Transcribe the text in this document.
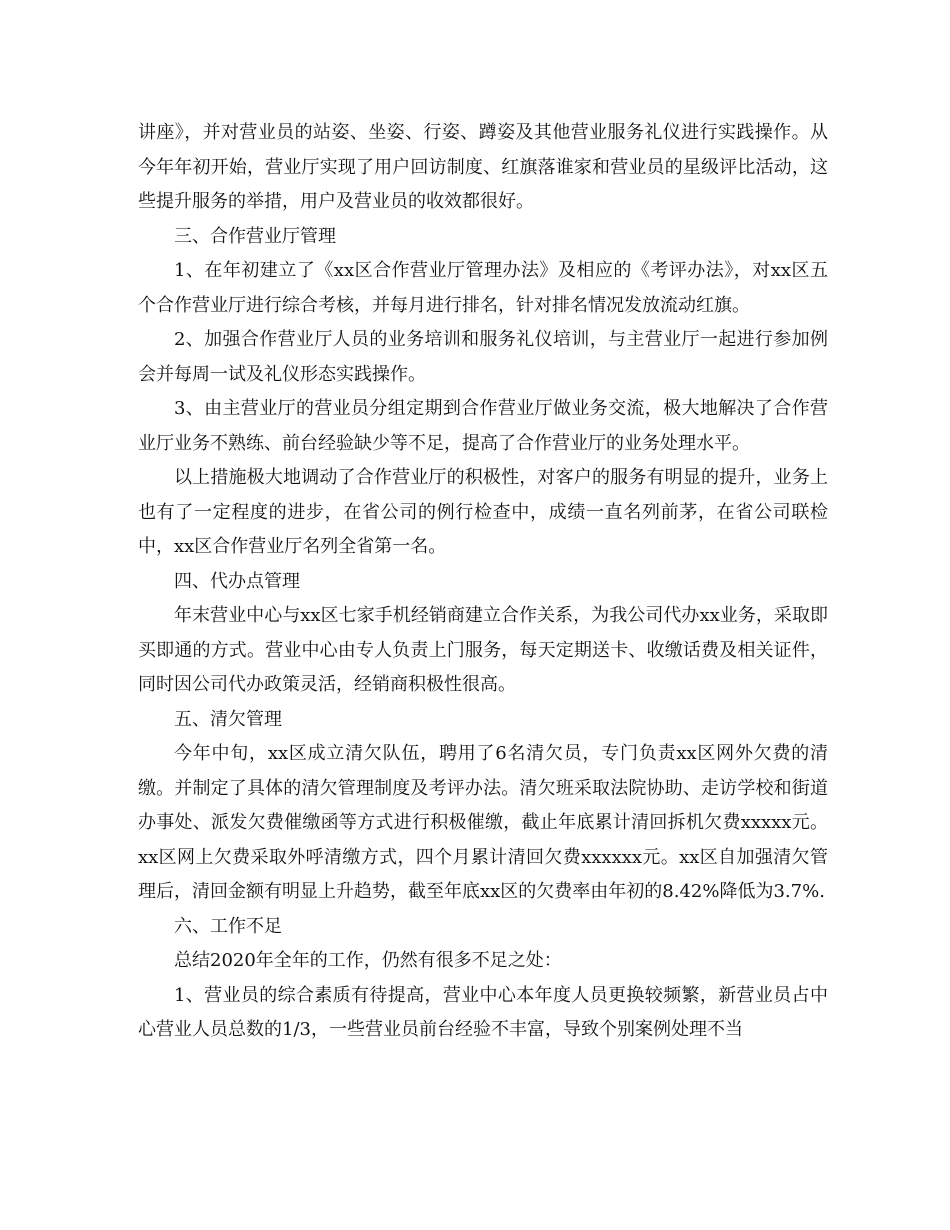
讲座》，并对营业员的站姿、坐姿、行姿、蹲姿及其他营业服务礼仪进行实践操作。从今年年初开始，营业厅实现了用户回访制度、红旗落谁家和营业员的星级评比活动，这些提升服务的举措，用户及营业员的收效都很好。

三、合作营业厅管理

1、在年初建立了《xx区合作营业厅管理办法》及相应的《考评办法》，对xx区五个合作营业厅进行综合考核，并每月进行排名，针对排名情况发放流动红旗。

2、加强合作营业厅人员的业务培训和服务礼仪培训，与主营业厅一起进行参加例会并每周一试及礼仪形态实践操作。

3、由主营业厅的营业员分组定期到合作营业厅做业务交流，极大地解决了合作营业厅业务不熟练、前台经验缺少等不足，提高了合作营业厅的业务处理水平。

以上措施极大地调动了合作营业厅的积极性，对客户的服务有明显的提升，业务上也有了一定程度的进步，在省公司的例行检查中，成绩一直名列前茅，在省公司联检中，xx区合作营业厅名列全省第一名。

四、代办点管理

年末营业中心与xx区七家手机经销商建立合作关系，为我公司代办xx业务，采取即买即通的方式。营业中心由专人负责上门服务，每天定期送卡、收缴话费及相关证件，同时因公司代办政策灵活，经销商积极性很高。

五、清欠管理

今年中旬，xx区成立清欠队伍，聘用了6名清欠员，专门负责xx区网外欠费的清缴。并制定了具体的清欠管理制度及考评办法。清欠班采取法院协助、走访学校和街道办事处、派发欠费催缴函等方式进行积极催缴，截止年底累计清回拆机欠费xxxxx元。xx区网上欠费采取外呼清缴方式，四个月累计清回欠费xxxxxx元。xx区自加强清欠管理后，清回金额有明显上升趋势，截至年底xx区的欠费率由年初的8.42%降低为3.7%.

六、工作不足

总结2020年全年的工作，仍然有很多不足之处：

1、营业员的综合素质有待提高，营业中心本年度人员更换较频繁，新营业员占中心营业人员总数的1/3，一些营业员前台经验不丰富，导致个别案例处理不当
